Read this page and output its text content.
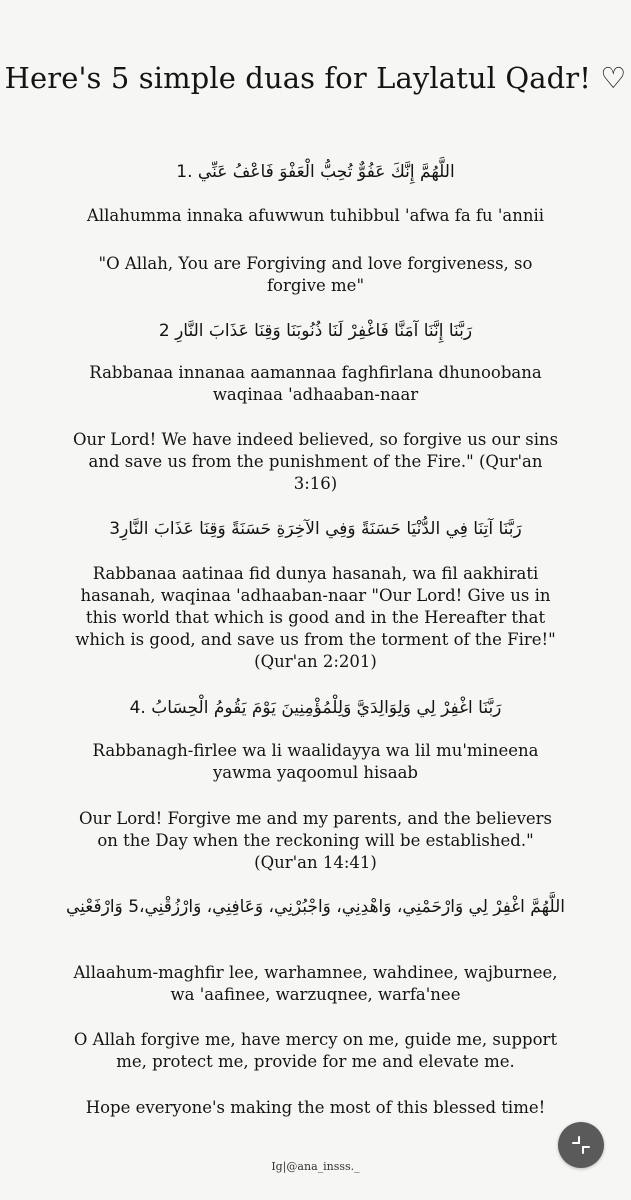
Here's 5 simple duas for Laylatul Qadr! ♡
اللَّهُمَّ إِنَّكَ عَفُوٌّ تُحِبُّ الْعَفْوَ فَاعْفُ عَنِّي .1
Allahumma innaka afuwwun tuhibbul 'afwa fa fu 'annii
"O Allah, You are Forgiving and love forgiveness, so forgive me"
رَبَّنَا إِنَّنَا آمَنَّا فَاغْفِرْ لَنَا ذُنُوبَنَا وَقِنَا عَذَابَ النَّارِ 2
Rabbanaa innanaa aamannaa faghfirlana dhunoobana waqinaa 'adhaaban-naar
Our Lord! We have indeed believed, so forgive us our sins and save us from the punishment of the Fire." (Qur'an 3:16)
رَبَّنَا آتِنَا فِي الدُّنْيَا حَسَنَةً وَفِي الآخِرَةِ حَسَنَةً وَقِنَا عَذَابَ النَّارِ3
Rabbanaa aatinaa fid dunya hasanah, wa fil aakhirati hasanah, waqinaa 'adhaaban-naar "Our Lord! Give us in this world that which is good and in the Hereafter that which is good, and save us from the torment of the Fire!" (Qur'an 2:201)
رَبَّنَا اغْفِرْ لِي وَلِوَالِدَيَّ وَلِلْمُؤْمِنِينَ يَوْمَ يَقُومُ الْحِسَابُ .4
Rabbanagh-firlee wa li waalidayya wa lil mu'mineena yawma yaqoomul hisaab
Our Lord! Forgive me and my parents, and the believers on the Day when the reckoning will be established." (Qur'an 14:41)
اللَّهُمَّ اغْفِرْ لِي وَارْحَمْنِي، وَاهْدِنِي، وَاجْبُرْنِي، وَعَافِنِي، وَارْزُقْنِي،5 وَارْفَعْنِي
Allaahum-maghfir lee, warhamnee, wahdinee, wajburnee, wa 'aafinee, warzuqnee, warfa'nee
O Allah forgive me, have mercy on me, guide me, support me, protect me, provide for me and elevate me.
Hope everyone's making the most of this blessed time!
Ig|@ana_insss._
